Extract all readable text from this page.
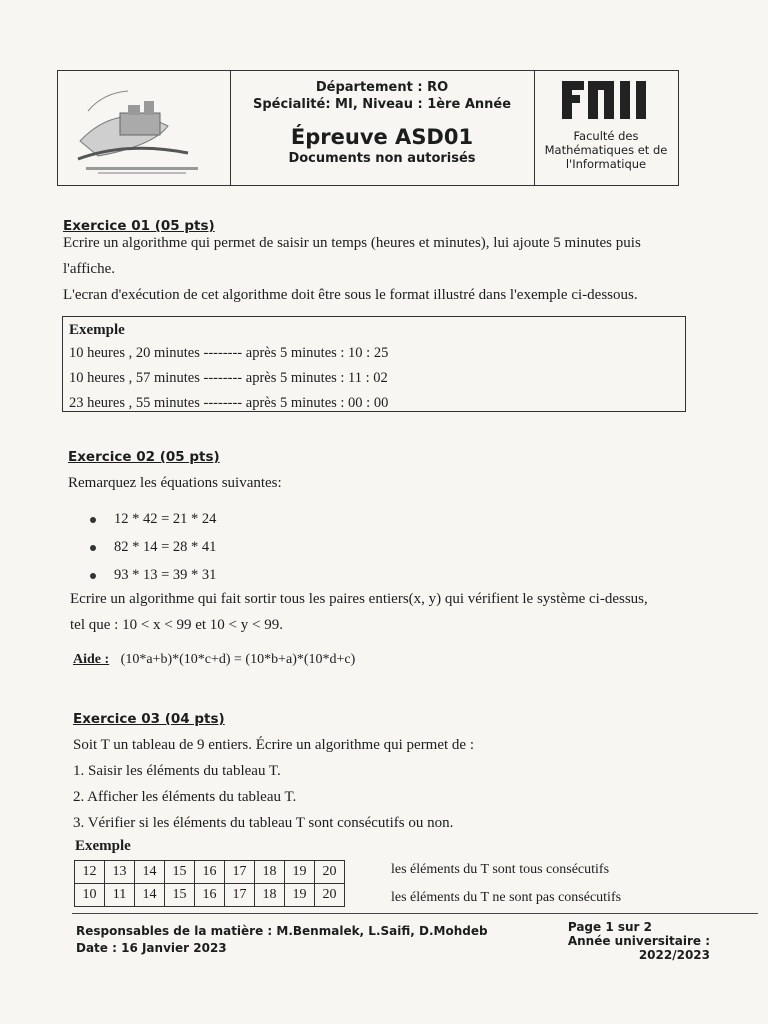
Département : RO
Spécialité: MI, Niveau : 1ère Année
Épreuve ASD01
Documents non autorisés
Faculté des
Mathématiques et de
l'Informatique
Exercice 01 (05 pts)
Ecrire un algorithme qui permet de saisir un temps (heures et minutes), lui ajoute 5 minutes puis
l'affiche.
L'ecran d'exécution de cet algorithme doit être sous le format illustré dans l'exemple ci-dessous.
Exemple
10 heures , 20 minutes -------- après 5 minutes : 10 : 25
10 heures , 57 minutes -------- après 5 minutes : 11 : 02
23 heures , 55 minutes -------- après 5 minutes : 00 : 00
Exercice 02 (05 pts)
Remarquez les équations suivantes:
12 * 42 = 21 * 24
82 * 14 = 28 * 41
93 * 13 = 39 * 31
Ecrire un algorithme qui fait sortir tous les paires entiers(x, y) qui vérifient le système ci-dessus,
tel que : 10 < x < 99 et 10 < y < 99.
Aide : (10*a+b)*(10*c+d) = (10*b+a)*(10*d+c)
Exercice 03 (04 pts)
Soit T un tableau de 9 entiers. Écrire un algorithme qui permet de :
1. Saisir les éléments du tableau T.
2. Afficher les éléments du tableau T.
3. Vérifier si les éléments du tableau T sont consécutifs ou non.
Exemple
12	13	14	15	16	17	18	19	20
10	11	14	15	16	17	18	19	20
les éléments du T sont tous consécutifs
les éléments du T ne sont pas consécutifs
Responsables de la matière : M.Benmalek, L.Saifi, D.Mohdeb
Date : 16 Janvier 2023
Page 1 sur 2
Année universitaire : 2022/2023
